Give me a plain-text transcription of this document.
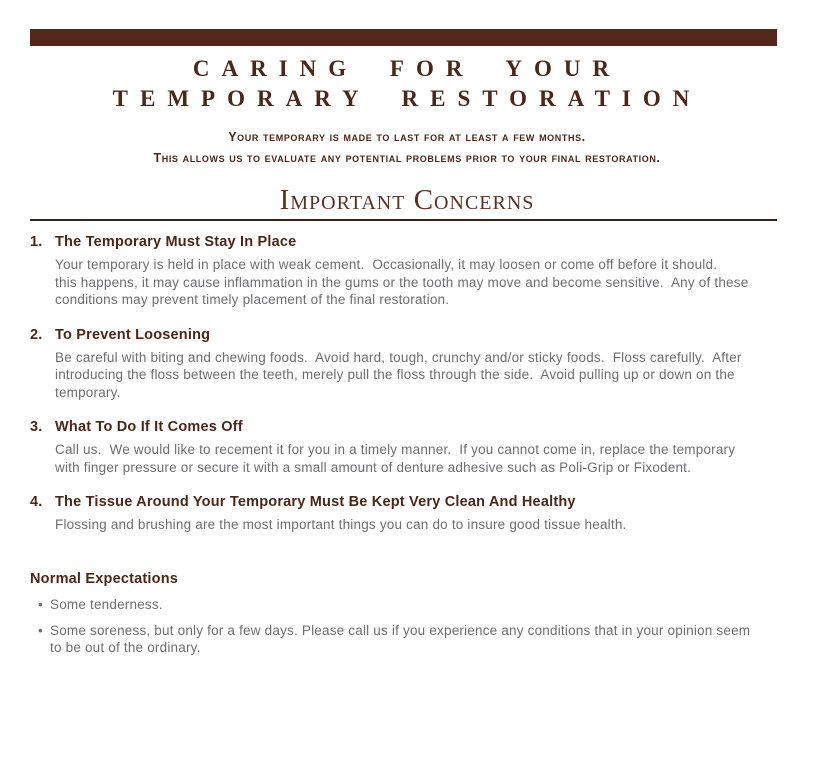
CARING FOR YOUR
TEMPORARY RESTORATION
Your temporary is made to last for at least a few months.
This allows us to evaluate any potential problems prior to your final restoration.
Important Concerns
1. The Temporary Must Stay In Place
Your temporary is held in place with weak cement.  Occasionally, it may loosen or come off before it should.
this happens, it may cause inflammation in the gums or the tooth may move and become sensitive.  Any of these
conditions may prevent timely placement of the final restoration.
2. To Prevent Loosening
Be careful with biting and chewing foods.  Avoid hard, tough, crunchy and/or sticky foods.  Floss carefully.  After
introducing the floss between the teeth, merely pull the floss through the side.  Avoid pulling up or down on the
temporary.
3. What To Do If It Comes Off
Call us.  We would like to recement it for you in a timely manner.  If you cannot come in, replace the temporary
with finger pressure or secure it with a small amount of denture adhesive such as Poli-Grip or Fixodent.
4. The Tissue Around Your Temporary Must Be Kept Very Clean And Healthy
Flossing and brushing are the most important things you can do to insure good tissue health.
Normal Expectations
• Some tenderness.
• Some soreness, but only for a few days. Please call us if you experience any conditions that in your opinion seem
to be out of the ordinary.
